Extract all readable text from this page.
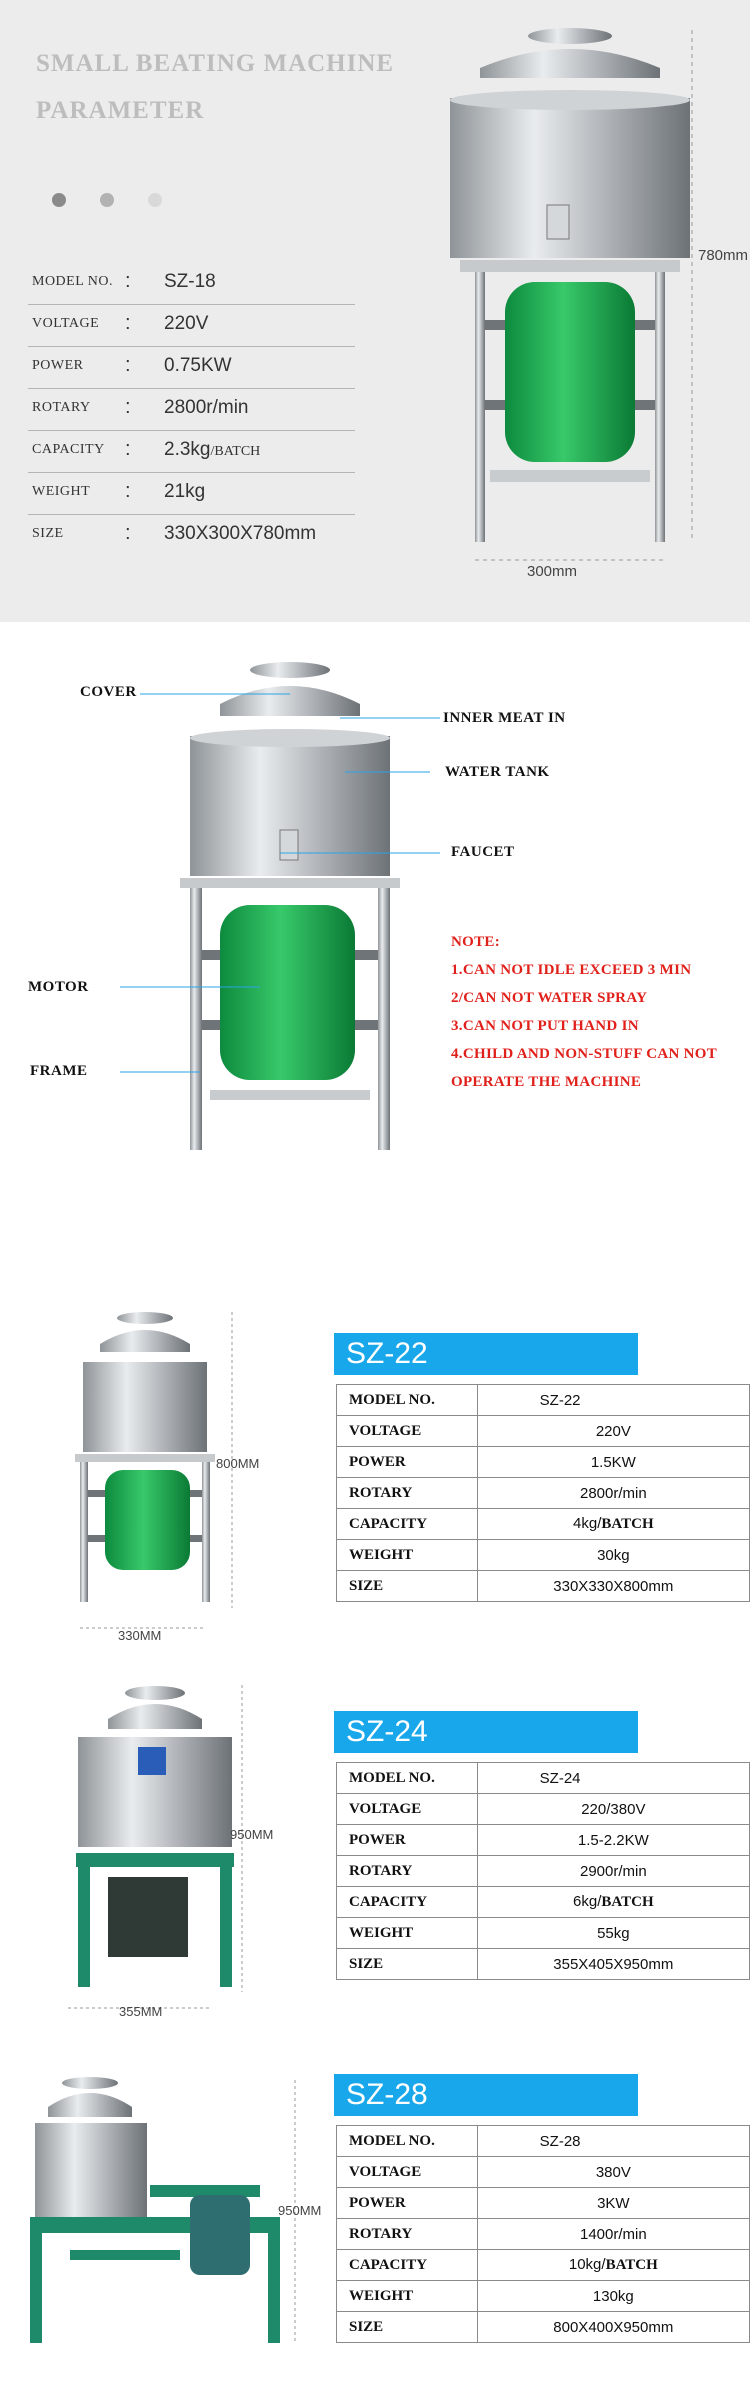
SMALL BEATING MACHINE
PARAMETER
MODEL NO. : SZ-18
VOLTAGE : 220V
POWER : 0.75KW
ROTARY : 2800r/min
CAPACITY : 2.3kg/BATCH
WEIGHT : 21kg
SIZE	: 330X300X780mm
780mm
300mm
COVER
INNER MEAT IN
WATER TANK
FAUCET
MOTOR
FRAME
NOTE:
1.CAN NOT IDLE EXCEED 3 MIN
2/CAN NOT WATER SPRAY
3.CAN NOT PUT HAND IN
4.CHILD AND NON-STUFF CAN NOT
OPERATE THE MACHINE
800MM
330MM
SZ-22
MODEL NO.	SZ-22
VOLTAGE	220V
POWER	1.5KW
ROTARY	2800r/min
CAPACITY	4kg/BATCH
WEIGHT	30kg
SIZE	330X330X800mm
950MM
355MM
SZ-24
MODEL NO.	SZ-24
VOLTAGE	220/380V
POWER	1.5-2.2KW
ROTARY	2900r/min
CAPACITY	6kg/BATCH
WEIGHT	55kg
SIZE	355X405X950mm
950MM
SZ-28
MODEL NO.	SZ-28
VOLTAGE	380V
POWER	3KW
ROTARY	1400r/min
CAPACITY	10kg/BATCH
WEIGHT	130kg
SIZE	800X400X950mm
